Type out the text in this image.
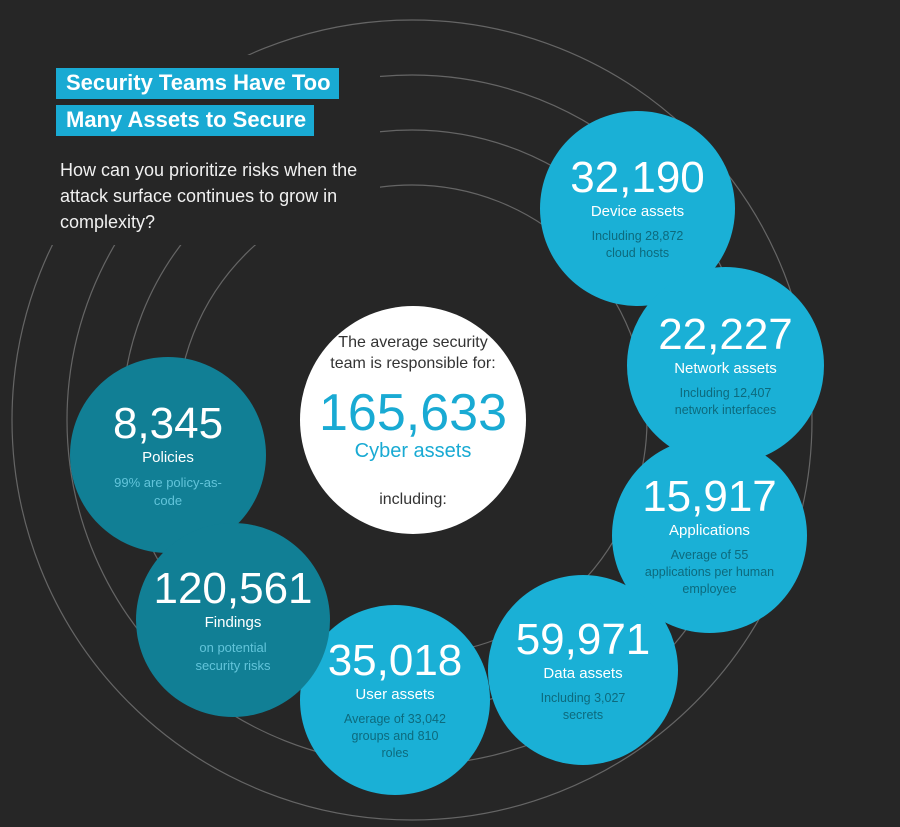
Security Teams Have Too
Many Assets to Secure
How can you prioritize risks when the attack surface continues to grow in complexity?
The average security team is responsible for:
165,633
Cyber assets
including:
32,190
Device assets
Including 28,872 cloud hosts
22,227
Network assets
Including 12,407 network interfaces
15,917
Applications
Average of 55 applications per human employee
59,971
Data assets
Including 3,027 secrets
35,018
User assets
Average of 33,042 groups and 810 roles
8,345
Policies
99% are policy-as-code
120,561
Findings
on potential security risks
